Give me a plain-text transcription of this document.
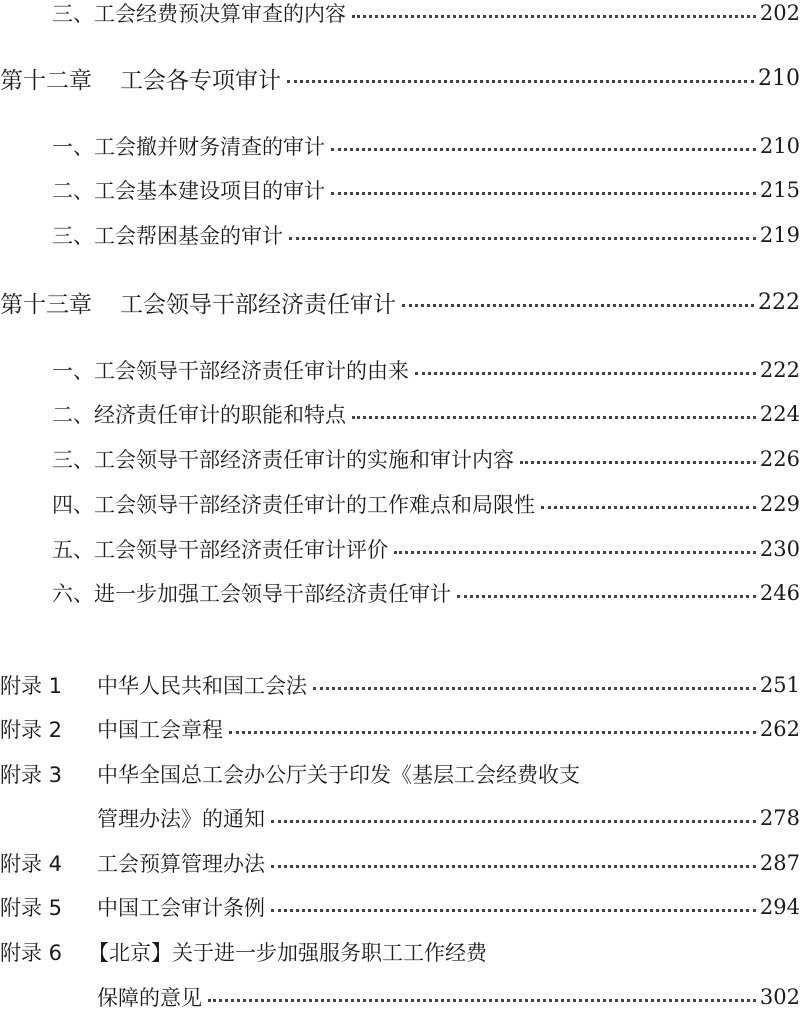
三、工会经费预决算审查的内容	202
第十二章 工会各专项审计	210
一、工会撤并财务清查的审计	210
二、工会基本建设项目的审计	215
三、工会帮困基金的审计	219
第十三章 工会领导干部经济责任审计	222
一、工会领导干部经济责任审计的由来	222
二、经济责任审计的职能和特点	224
三、工会领导干部经济责任审计的实施和审计内容	226
四、工会领导干部经济责任审计的工作难点和局限性	229
五、工会领导干部经济责任审计评价	230
六、进一步加强工会领导干部经济责任审计	246
附录 1	中华人民共和国工会法	251
附录 2	中国工会章程	262
附录 3	中华全国总工会办公厅关于印发《基层工会经费收支
管理办法》的通知	278
附录 4	工会预算管理办法	287
附录 5	中国工会审计条例	294
附录 6	【北京】关于进一步加强服务职工工作经费
保障的意见	302
